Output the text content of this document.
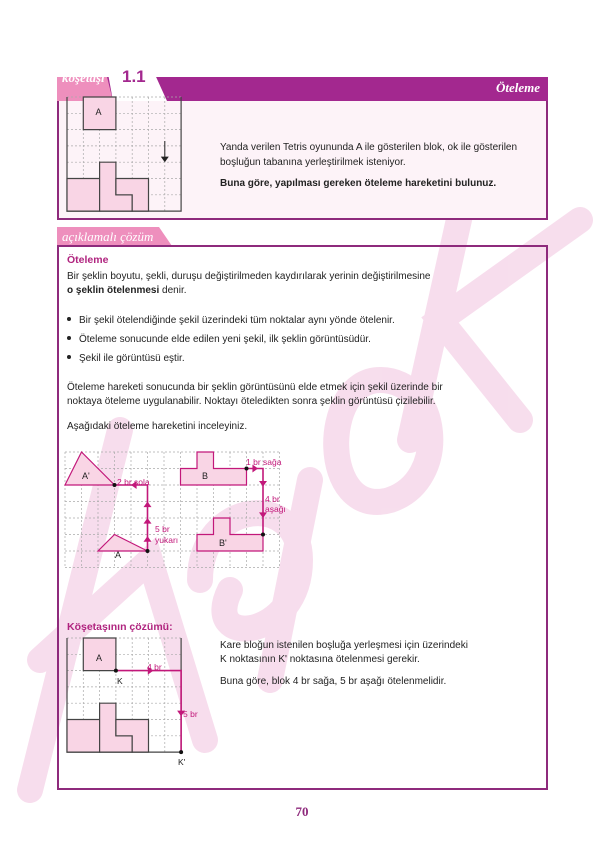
köşetaşı 1.1
Öteleme
A

Yanda verilen Tetris oyununda A ile gösterilen blok, ok ile gösterilen boşluğun tabanına yerleştirilmek isteniyor.

Buna göre, yapılması gereken öteleme hareketini bulunuz.

açıklamalı çözüm
Öteleme
Bir şeklin boyutu, şekli, duruşu değiştirilmeden kaydırılarak yerinin değiştirilmesine
o şeklin ötelenmesi denir.
Bir şekil ötelendiğinde şekil üzerindeki tüm noktalar aynı yönde ötelenir.
Öteleme sonucunde elde edilen yeni şekil, ilk şeklin görüntüsüdür.
Şekil ile görüntüsü eştir.
Öteleme hareketi sonucunda bir şeklin görüntüsünü elde etmek için şekil üzerinde bir
noktaya öteleme uygulanabilir. Noktayı öteledikten sonra şeklin görüntüsü çizilebilir.
Aşağıdaki öteleme hareketini inceleyiniz.
A'
A
B
B'
2 br sola
5 br
yukarı
1 br sağa
4 br
aşağı
Köşetaşının çözümü:
A
K
K'
4 br
5 br
Kare bloğun istenilen boşluğa yerleşmesi için üzerindeki
K noktasının K' noktasına ötelenmesi gerekir.
Buna göre, blok 4 br sağa, 5 br aşağı ötelenmelidir.
70
